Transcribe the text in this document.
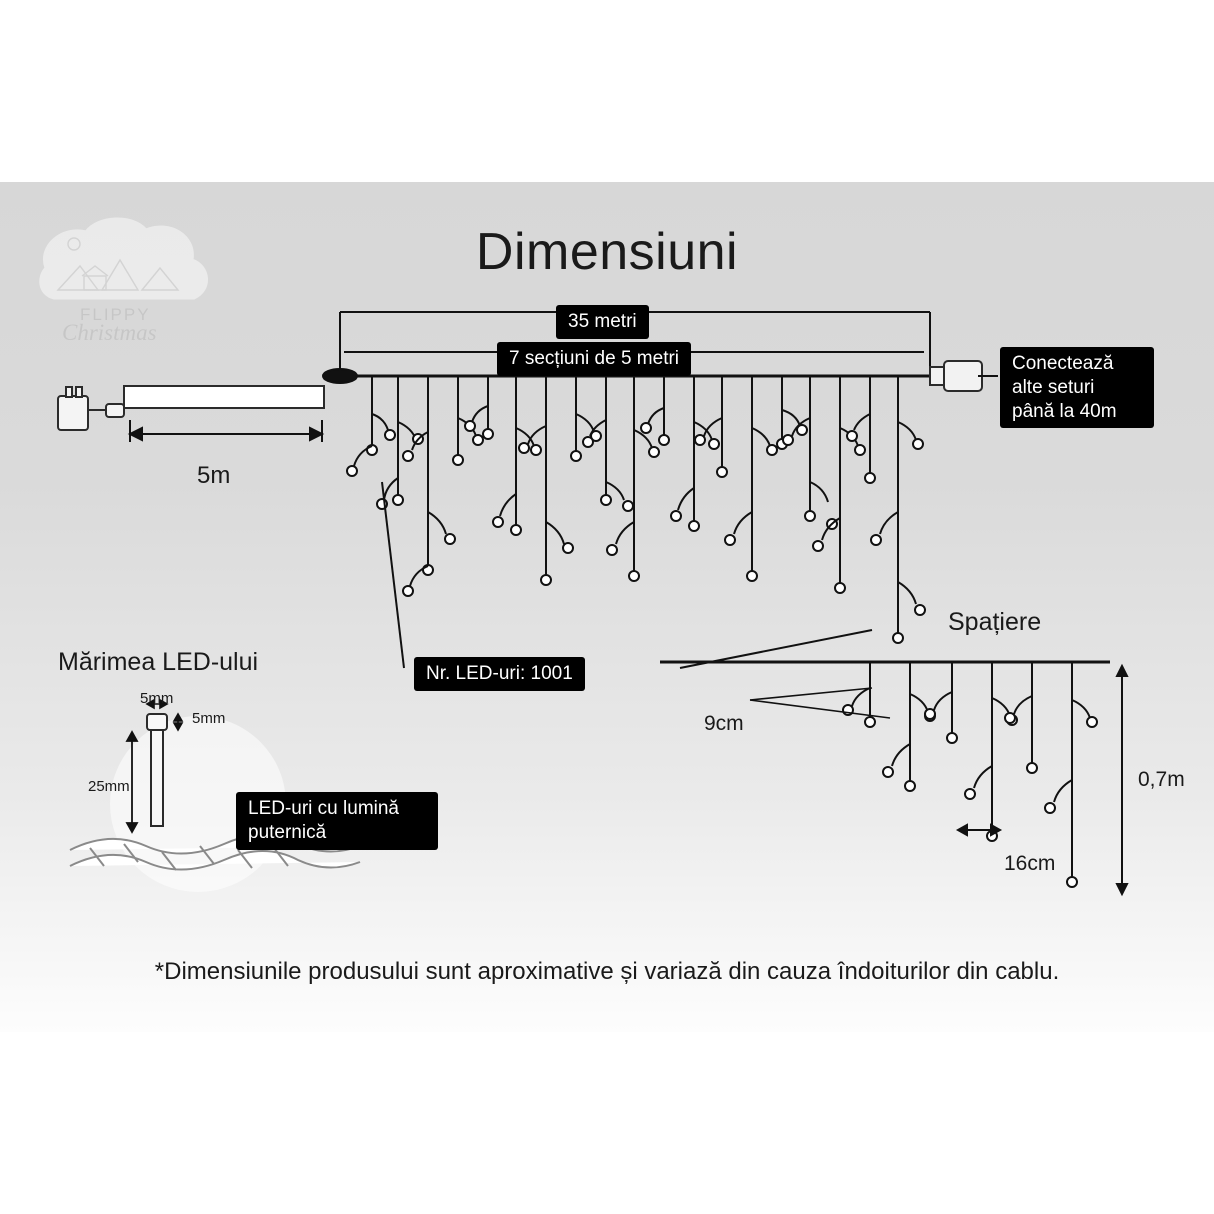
FLIPPY
Christmas
Dimensiuni
35 metri
7 secțiuni de 5 metri
5m
Nr. LED-uri: 1001
Conectează
alte seturi
până la 40m
Mărimea LED-ului
5mm
5mm
25mm
LED-uri cu lumină
puternică
Spațiere
9cm
16cm
0,7m
*Dimensiunile produsului sunt aproximative și variază din cauza îndoiturilor din cablu.
